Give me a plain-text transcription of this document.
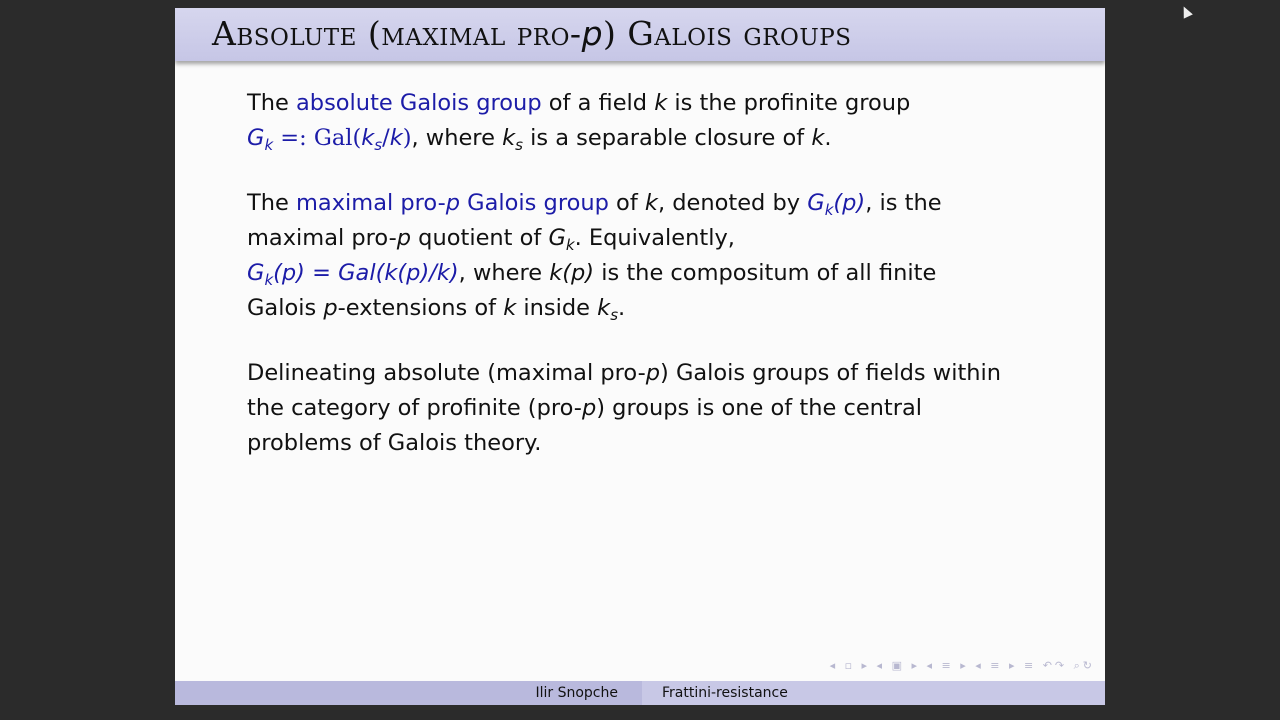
Absolute (maximal pro-p) Galois groups
The absolute Galois group of a field k is the profinite group
$G_k$ =: $Gal(k_s/k)$, where $k_s$ is a separable closure of k.
The maximal pro-p Galois group of k, denoted by $G_k(p)$, is the
maximal pro-p quotient of $G_k$. Equivalently,
$G_k(p) = Gal(k(p)/k)$, where k(p) is the compositum of all finite
Galois p-extensions of k inside $k_s$.
Delineating absolute (maximal pro-p) Galois groups of fields within
the category of profinite (pro-p) groups is one of the central
problems of Galois theory.
◂ ▫ ▸ ◂ ▣ ▸ ◂ ≡ ▸ ◂ ≡ ▸ ≡ ↶↷ ⌕↻
Ilir Snopche	Frattini-resistance
